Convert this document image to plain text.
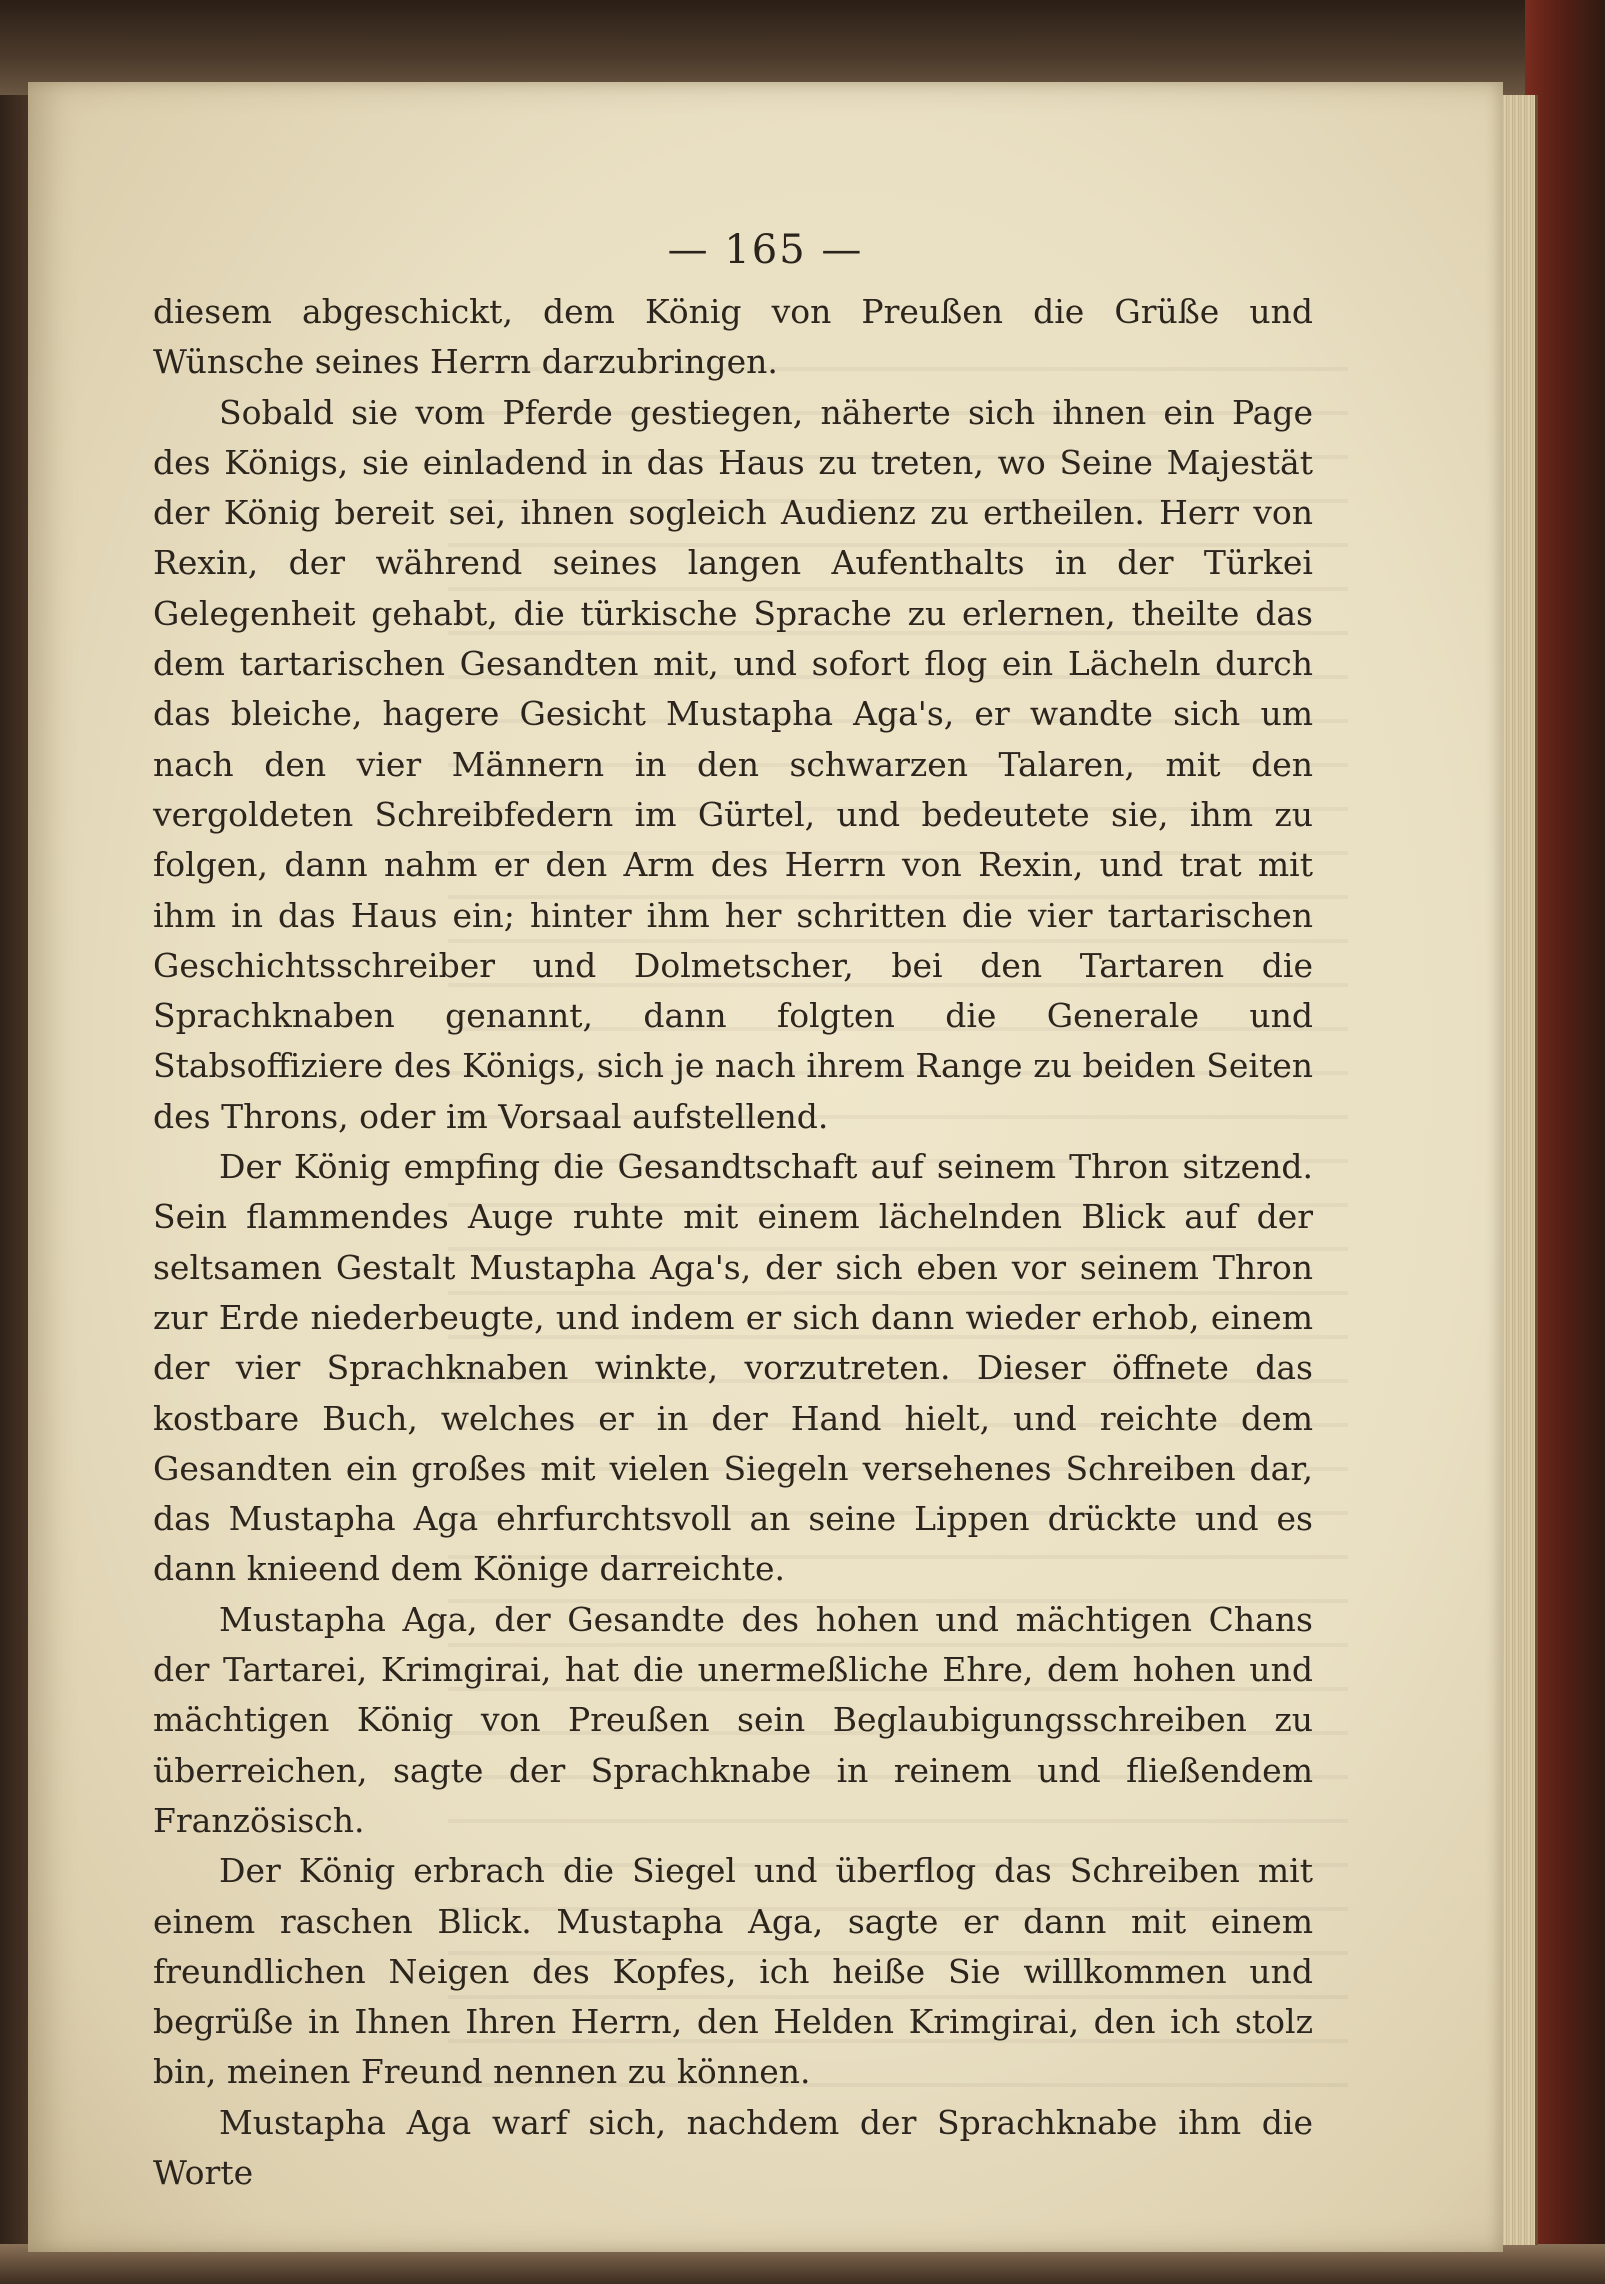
— 165 —

diesem abgeschickt, dem König von Preußen die Grüße und Wünsche seines Herrn darzubringen.

Sobald sie vom Pferde gestiegen, näherte sich ihnen ein Page des Königs, sie einladend in das Haus zu treten, wo Seine Majestät der König bereit sei, ihnen sogleich Audienz zu ertheilen. Herr von Rexin, der während seines langen Aufenthalts in der Türkei Gelegenheit gehabt, die türkische Sprache zu erlernen, theilte das dem tartarischen Gesandten mit, und sofort flog ein Lächeln durch das bleiche, hagere Gesicht Mustapha Aga's, er wandte sich um nach den vier Männern in den schwarzen Talaren, mit den vergoldeten Schreibfedern im Gürtel, und bedeutete sie, ihm zu folgen, dann nahm er den Arm des Herrn von Rexin, und trat mit ihm in das Haus ein; hinter ihm her schritten die vier tartarischen Geschichtsschreiber und Dolmetscher, bei den Tartaren die Sprachknaben genannt, dann folgten die Generale und Stabsoffiziere des Königs, sich je nach ihrem Range zu beiden Seiten des Throns, oder im Vorsaal aufstellend.

Der König empfing die Gesandtschaft auf seinem Thron sitzend. Sein flammendes Auge ruhte mit einem lächelnden Blick auf der seltsamen Gestalt Mustapha Aga's, der sich eben vor seinem Thron zur Erde niederbeugte, und indem er sich dann wieder erhob, einem der vier Sprachknaben winkte, vorzutreten. Dieser öffnete das kostbare Buch, welches er in der Hand hielt, und reichte dem Gesandten ein großes mit vielen Siegeln versehenes Schreiben dar, das Mustapha Aga ehrfurchtsvoll an seine Lippen drückte und es dann knieend dem Könige darreichte.

Mustapha Aga, der Gesandte des hohen und mächtigen Chans der Tartarei, Krimgirai, hat die unermeßliche Ehre, dem hohen und mächtigen König von Preußen sein Beglaubigungsschreiben zu überreichen, sagte der Sprachknabe in reinem und fließendem Französisch.

Der König erbrach die Siegel und überflog das Schreiben mit einem raschen Blick. Mustapha Aga, sagte er dann mit einem freundlichen Neigen des Kopfes, ich heiße Sie willkommen und begrüße in Ihnen Ihren Herrn, den Helden Krimgirai, den ich stolz bin, meinen Freund nennen zu können.

Mustapha Aga warf sich, nachdem der Sprachknabe ihm die Worte
